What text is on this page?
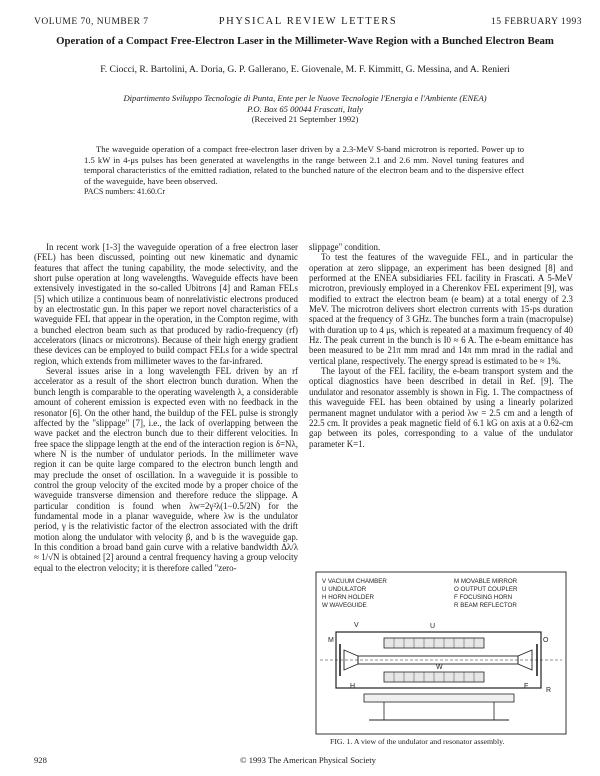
VOLUME 70, NUMBER 7	PHYSICAL REVIEW LETTERS	15 FEBRUARY 1993
Operation of a Compact Free-Electron Laser in the Millimeter-Wave Region with a Bunched Electron Beam
F. Ciocci, R. Bartolini, A. Doria, G. P. Gallerano, E. Giovenale, M. F. Kimmitt, G. Messina, and A. Renieri
Dipartimento Sviluppo Tecnologie di Punta, Ente per le Nuove Tecnologie l'Energia e l'Ambiente (ENEA)
P.O. Box 65 00044 Frascati, Italy
(Received 21 September 1992)
The waveguide operation of a compact free-electron laser driven by a 2.3-MeV S-band microtron is reported. Power up to 1.5 kW in 4-μs pulses has been generated at wavelengths in the range between 2.1 and 2.6 mm. Novel tuning features and temporal characteristics of the emitted radiation, related to the bunched nature of the electron beam and to the dispersive effect of the waveguide, have been observed.
PACS numbers: 41.60.Cr

In recent work [1-3] the waveguide operation of a free electron laser (FEL) has been discussed, pointing out new kinematic and dynamic features that affect the tuning capability, the mode selectivity, and the short pulse operation at long wavelengths. Waveguide effects have been extensively investigated in the so-called Ubitrons [4] and Raman FELs [5] which utilize a continuous beam of nonrelativistic electrons produced by an electrostatic gun. In this paper we report novel characteristics of a waveguide FEL that appear in the operation, in the Compton regime, with a bunched electron beam such as that produced by radio-frequency (rf) accelerators (linacs or microtrons). Because of their high energy gradient these devices can be employed to build compact FELs for a wide spectral region, which extends from millimeter waves to the far-infrared.

Several issues arise in a long wavelength FEL driven by an rf accelerator as a result of the short electron bunch duration. When the bunch length is comparable to the operating wavelength λ, a considerable amount of coherent emission is expected even with no feedback in the resonator [6]. On the other hand, the buildup of the FEL pulse is strongly affected by the "slippage" [7], i.e., the lack of overlapping between the wave packet and the electron bunch due to their different velocities. In free space the slippage length at the end of the interaction region is δ=Nλ, where N is the number of undulator periods. In the millimeter wave region it can be quite large compared to the electron bunch length and may preclude the onset of oscillation. In a waveguide it is possible to control the group velocity of the excited mode by a proper choice of the waveguide transverse dimension and therefore reduce the slippage. A particular condition is found when λw=2γ²λ(1−0.5/2N) for the fundamental mode in a planar waveguide, where λw is the undulator period, γ is the relativistic factor of the electron associated with the drift motion along the undulator with velocity β, and b is the waveguide gap. In this condition a broad band gain curve with a relative bandwidth Δλ/λ ≈ 1/√N is obtained [2] around a central frequency having a group velocity equal to the electron velocity; it is therefore called "zero-

slippage" condition.

To test the features of the waveguide FEL, and in particular the operation at zero slippage, an experiment has been designed [8] and performed at the ENEA subsidiaries FEL facility in Frascati. A 5-MeV microtron, previously employed in a Cherenkov FEL experiment [9], was modified to extract the electron beam (e beam) at a total energy of 2.3 MeV. The microtron delivers short electron currents with 15-ps duration spaced at the frequency of 3 GHz. The bunches form a train (macropulse) with duration up to 4 μs, which is repeated at a maximum frequency of 40 Hz. The peak current in the bunch is I0 ≈ 6 A. The e-beam emittance has been measured to be 21π mm mrad and 14π mm mrad in the radial and vertical plane, respectively. The energy spread is estimated to be ≈ 1%.

The layout of the FEL facility, the e-beam transport system and the optical diagnostics have been described in detail in Ref. [9]. The undulator and resonator assembly is shown in Fig. 1. The compactness of this waveguide FEL has been obtained by using a linearly polarized permanent magnet undulator with a period λw = 2.5 cm and a length of 22.5 cm. It provides a peak magnetic field of 6.1 kG on axis at a 0.62-cm gap between its poles, corresponding to a value of the undulator parameter K=1.

V VACUUM CHAMBER
U UNDULATOR
H HORN HOLDER
W WAVEGUIDE
M MOVABLE MIRROR
O OUTPUT COUPLER
F FOCUSING HORN
R BEAM REFLECTOR
V
M	O
U
R
W
H	F
FIG. 1. A view of the undulator and resonator assembly.
928	© 1993 The American Physical Society
